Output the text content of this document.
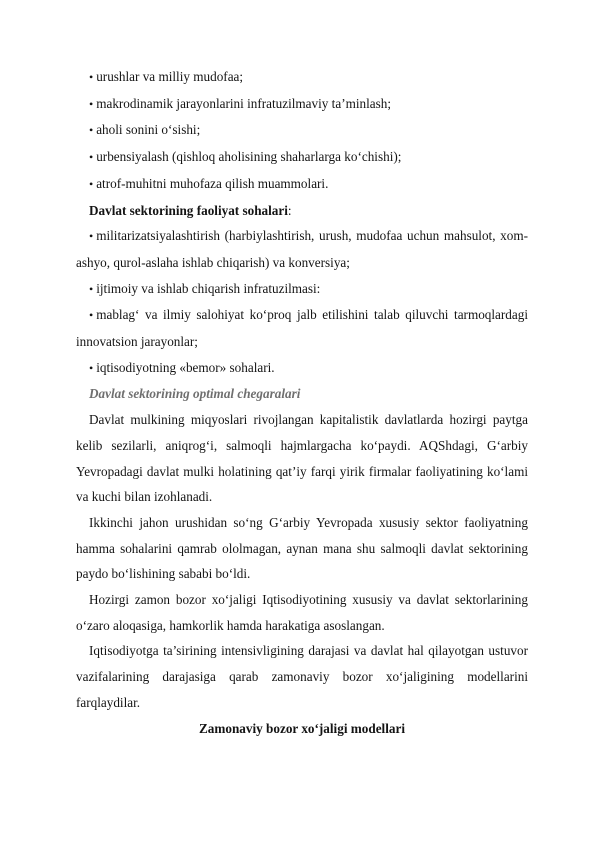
• urushlar va milliy mudofaa;

• makrodinamik jarayonlarini infratuzilmaviy ta’minlash;

• aholi sonini o‘sishi;

• urbensiyalash (qishloq aholisining shaharlarga ko‘chishi);

• atrof-muhitni muhofaza qilish muammolari.

Davlat sektorining faoliyat sohalari:

• militarizatsiyalashtirish (harbiylashtirish, urush, mudofaa uchun mahsulot, xom-ashyo, qurol-aslaha ishlab chiqarish) va konversiya;

• ijtimoiy va ishlab chiqarish infratuzilmasi:

• mablag‘ va ilmiy salohiyat ko‘proq jalb etilishini talab qiluvchi tarmoqlardagi innovatsion jarayonlar;

• iqtisodiyotning «bemor» sohalari.

Davlat sektorining optimal chegaralari

Davlat mulkining miqyoslari rivojlangan kapitalistik davlatlarda hozirgi paytga kelib sezilarli, aniqrog‘i, salmoqli hajmlargacha ko‘paydi. AQShdagi, G‘arbiy Yevropadagi davlat mulki holatining qat’iy farqi yirik firmalar faoliyatining ko‘lami va kuchi bilan izohlanadi.

Ikkinchi jahon urushidan so‘ng G‘arbiy Yevropada xususiy sektor faoliyatning hamma sohalarini qamrab ololmagan, aynan mana shu salmoqli davlat sektorining paydo bo‘lishining sababi bo‘ldi.

Hozirgi zamon bozor xo‘jaligi Iqtisodiyotining xususiy va davlat sektorlarining o‘zaro aloqasiga, hamkorlik hamda harakatiga asoslangan.

Iqtisodiyotga ta’sirining intensivligining darajasi va davlat hal qilayotgan ustuvor vazifalarining darajasiga qarab zamonaviy bozor xo‘jaligining modellarini farqlaydilar.

Zamonaviy bozor xo‘jaligi modellari
